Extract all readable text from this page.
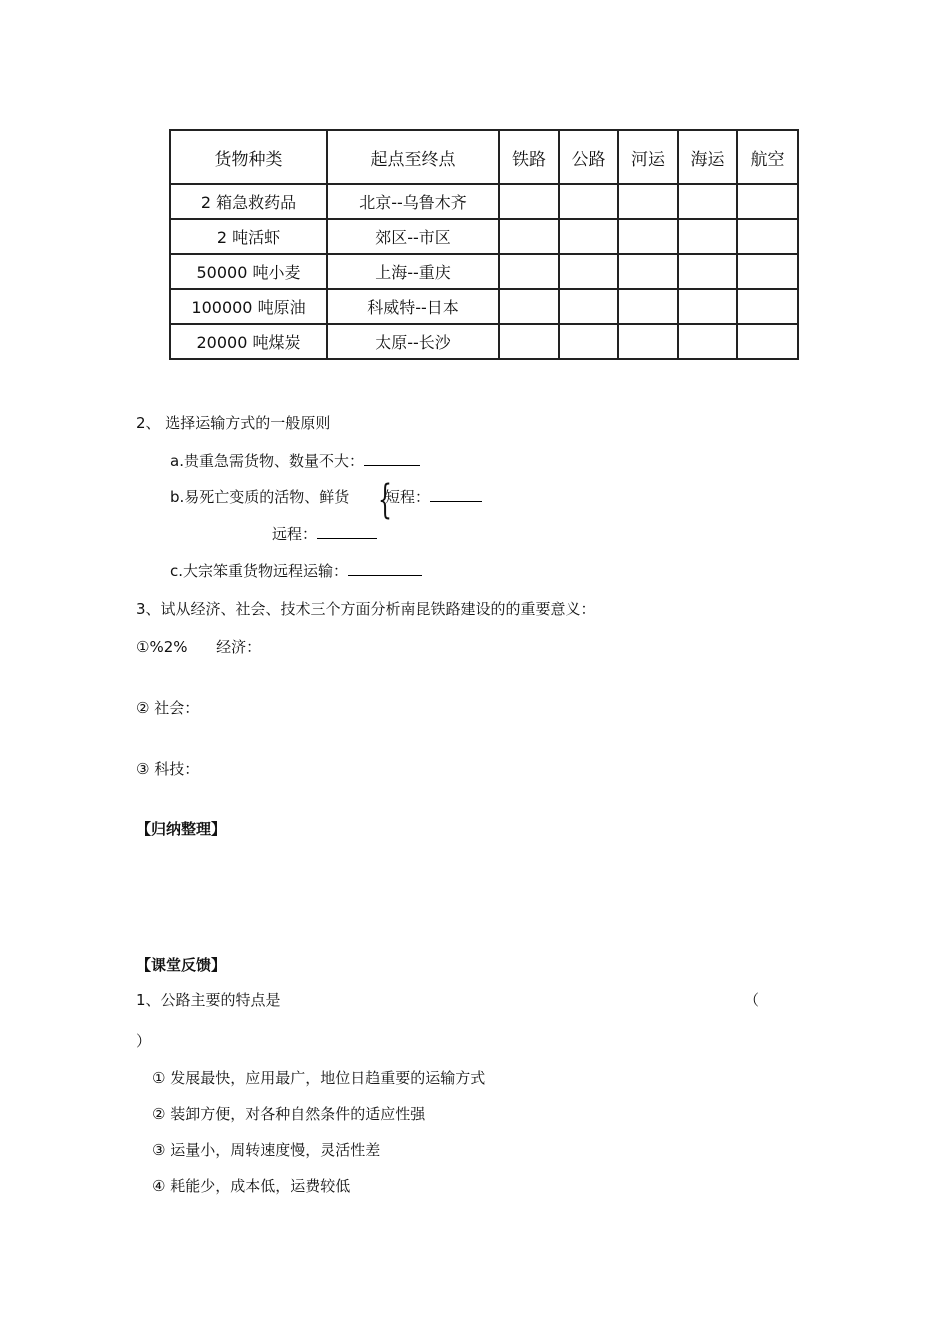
货物种类	起点至终点	铁路	公路	河运	海运	航空
2 箱急救药品	北京--乌鲁木齐					
2 吨活虾	郊区--市区					
50000 吨小麦	上海--重庆					
100000 吨原油	科威特--日本					
20000 吨煤炭	太原--长沙					
2、 选择运输方式的一般原则
a.贵重急需货物、数量不大：
b.易死亡变质的活物、鲜货 {
短程：
远程：
c.大宗笨重货物远程运输：
3、试从经济、社会、技术三个方面分析南昆铁路建设的的重要意义：
①%2%      经济：
② 社会：
③ 科技：
【归纳整理】
【课堂反馈】
1、公路主要的特点是	（
）
① 发展最快，应用最广，地位日趋重要的运输方式
② 装卸方便，对各种自然条件的适应性强
③ 运量小，周转速度慢，灵活性差
④ 耗能少，成本低，运费较低
